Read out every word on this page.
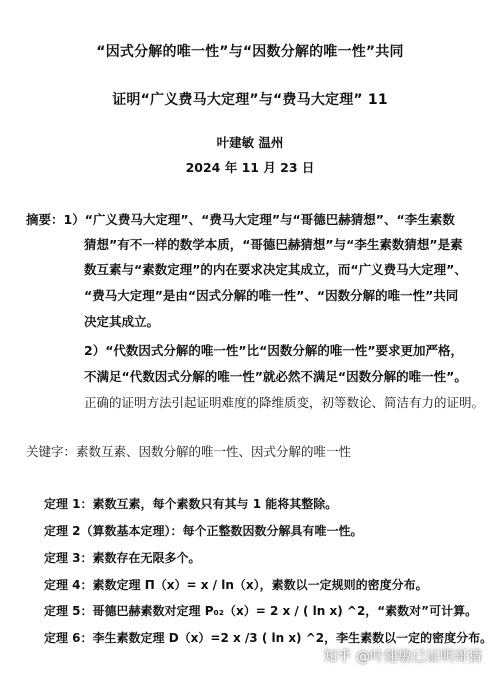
“因式分解的唯一性”与“因数分解的唯一性”共同
证明“广义费马大定理”与“费马大定理” 11
叶建敏 温州
2024 年 11 月 23 日
摘要：1）“广义费马大定理”、“费马大定理”与“哥德巴赫猜想”、“李生素数
猜想”有不一样的数学本质，“哥德巴赫猜想”与“李生素数猜想”是素
数互素与“素数定理”的内在要求决定其成立，而“广义费马大定理”、
“费马大定理”是由“因式分解的唯一性”、“因数分解的唯一性”共同
决定其成立。
2）“代数因式分解的唯一性”比“因数分解的唯一性”要求更加严格，
不满足“代数因式分解的唯一性”就必然不满足“因数分解的唯一性”。
正确的证明方法引起证明难度的降维质变，初等数论、简洁有力的证明。
关键字：素数互素、因数分解的唯一性、因式分解的唯一性
定理 1：素数互素，每个素数只有其与 1 能将其整除。
定理 2（算数基本定理）：每个正整数因数分解具有唯一性。
定理 3：素数存在无限多个。
定理 4：素数定理 Π（x）= x / ln（x），素数以一定规则的密度分布。
定理 5：哥德巴赫素数对定理 P₀₂（x）= 2 x / ( ln x) ^2，“素数对”可计算。
定理 6：李生素数定理 D（x）=2 x /3 ( ln x) ^2，李生素数以一定的密度分布。
知乎 @叶建敏已证明哥猜
